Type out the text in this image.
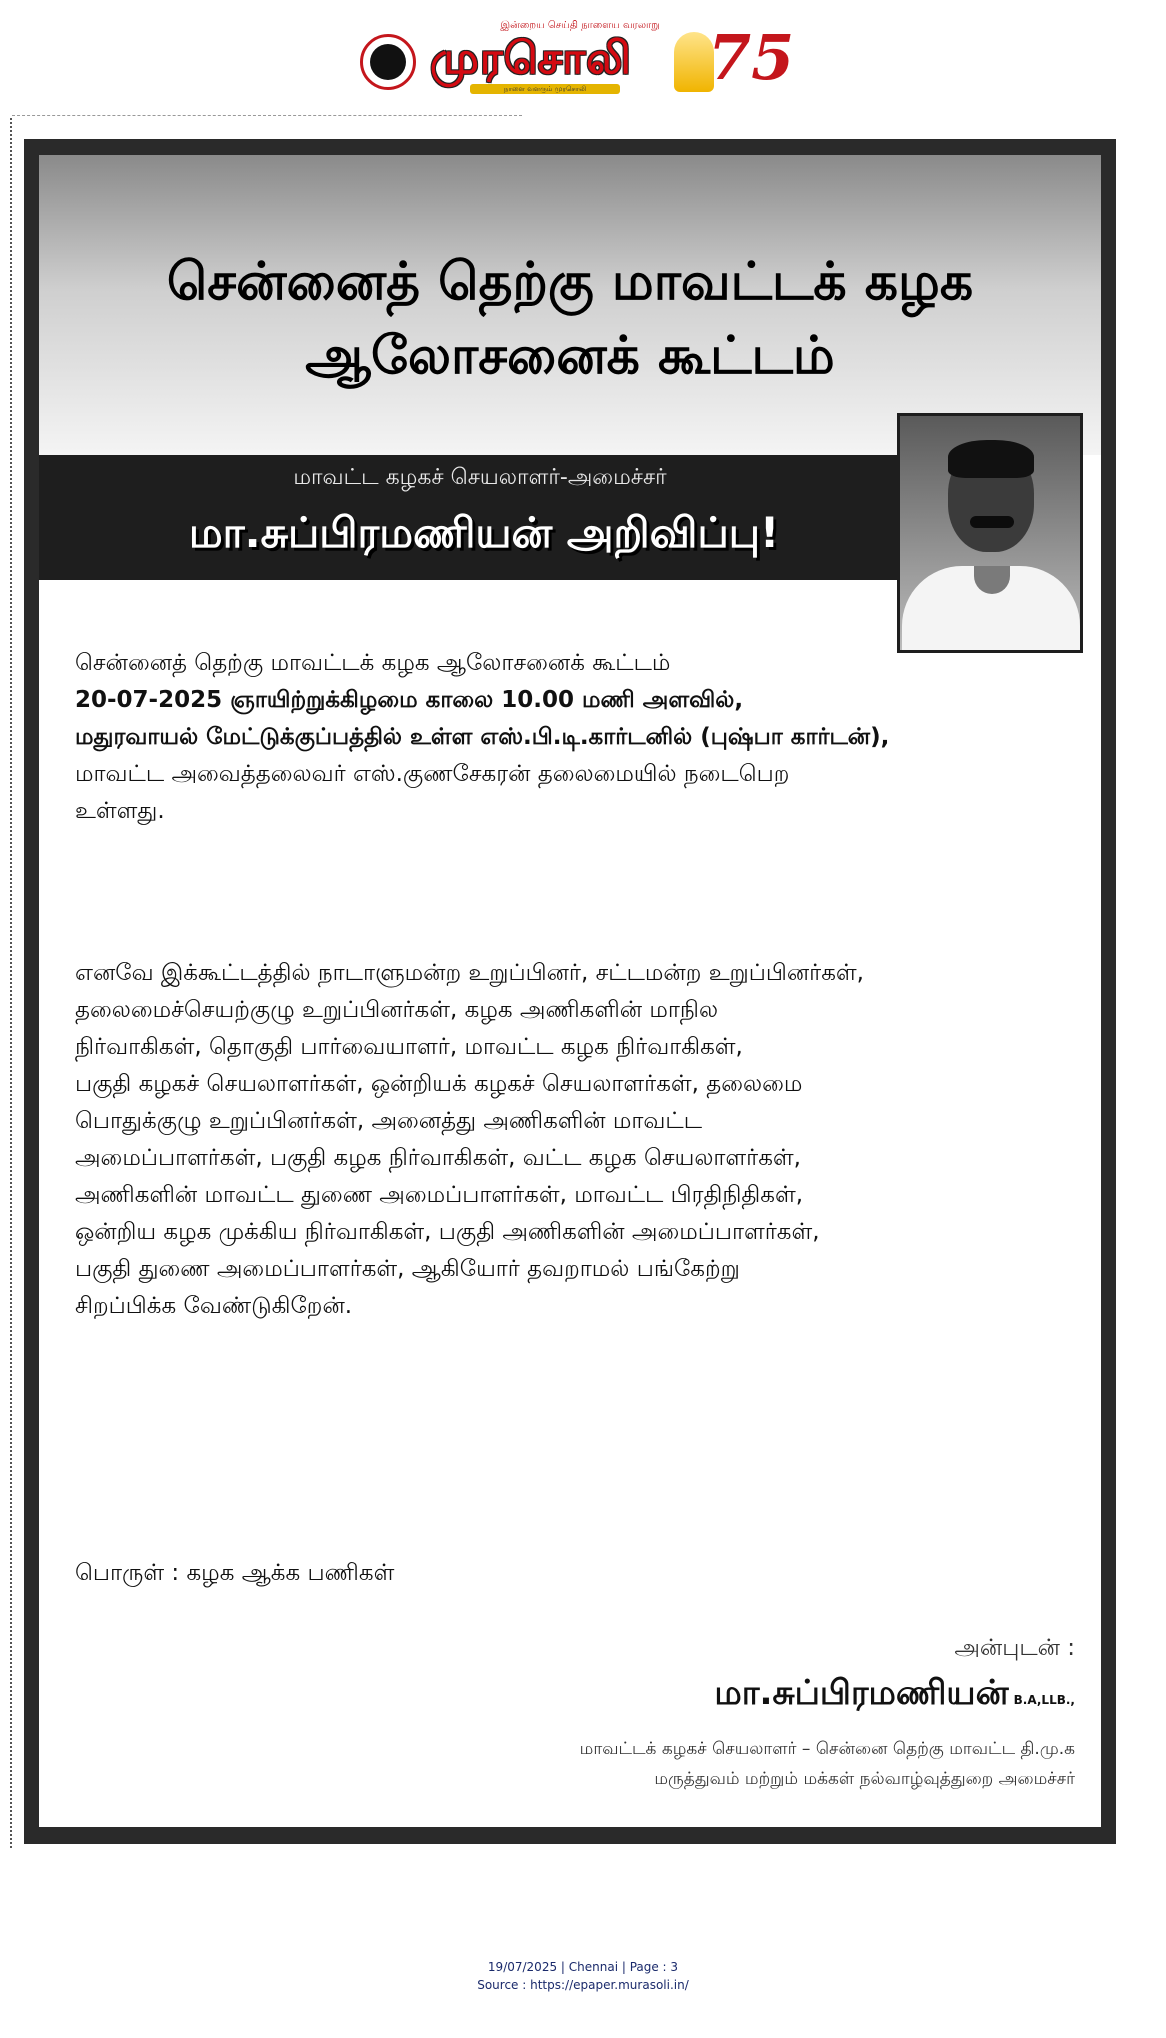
இன்றைய செய்தி நாளைய வரலாறு
முரசொலி
நாளை வளரும் முரசொலி	75
சென்னைத் தெற்கு மாவட்டக் கழக
ஆலோசனைக் கூட்டம்
மாவட்ட கழகச் செயலாளர்-அமைச்சர்
மா.சுப்பிரமணியன் அறிவிப்பு!
சென்னைத் தெற்கு மாவட்டக் கழக ஆலோசனைக் கூட்டம்
20-07-2025 ஞாயிற்றுக்கிழமை காலை 10.00 மணி அளவில்,
மதுரவாயல் மேட்டுக்குப்பத்தில் உள்ள எஸ்.பி.டி.கார்டனில் (புஷ்பா கார்டன்),
மாவட்ட அவைத்தலைவர் எஸ்.குணசேகரன் தலைமையில் நடைபெற
உள்ளது.
எனவே இக்கூட்டத்தில் நாடாளுமன்ற உறுப்பினர், சட்டமன்ற உறுப்பினர்கள்,
தலைமைச்செயற்குழு உறுப்பினர்கள், கழக அணிகளின் மாநில
நிர்வாகிகள், தொகுதி பார்வையாளர், மாவட்ட கழக நிர்வாகிகள்,
பகுதி கழகச் செயலாளர்கள், ஒன்றியக் கழகச் செயலாளர்கள், தலைமை
பொதுக்குழு உறுப்பினர்கள், அனைத்து அணிகளின் மாவட்ட
அமைப்பாளர்கள், பகுதி கழக நிர்வாகிகள், வட்ட கழக செயலாளர்கள்,
அணிகளின் மாவட்ட துணை அமைப்பாளர்கள், மாவட்ட பிரதிநிதிகள்,
ஒன்றிய கழக முக்கிய நிர்வாகிகள், பகுதி அணிகளின் அமைப்பாளர்கள்,
பகுதி துணை அமைப்பாளர்கள், ஆகியோர் தவறாமல் பங்கேற்று
சிறப்பிக்க வேண்டுகிறேன்.
பொருள் : கழக ஆக்க பணிகள்
அன்புடன் :
மா.சுப்பிரமணியன் B.A,LLB.,
மாவட்டக் கழகச் செயலாளர் – சென்னை தெற்கு மாவட்ட தி.மு.க
மருத்துவம் மற்றும் மக்கள் நல்வாழ்வுத்துறை அமைச்சர்
19/07/2025 | Chennai | Page : 3
Source : https://epaper.murasoli.in/
